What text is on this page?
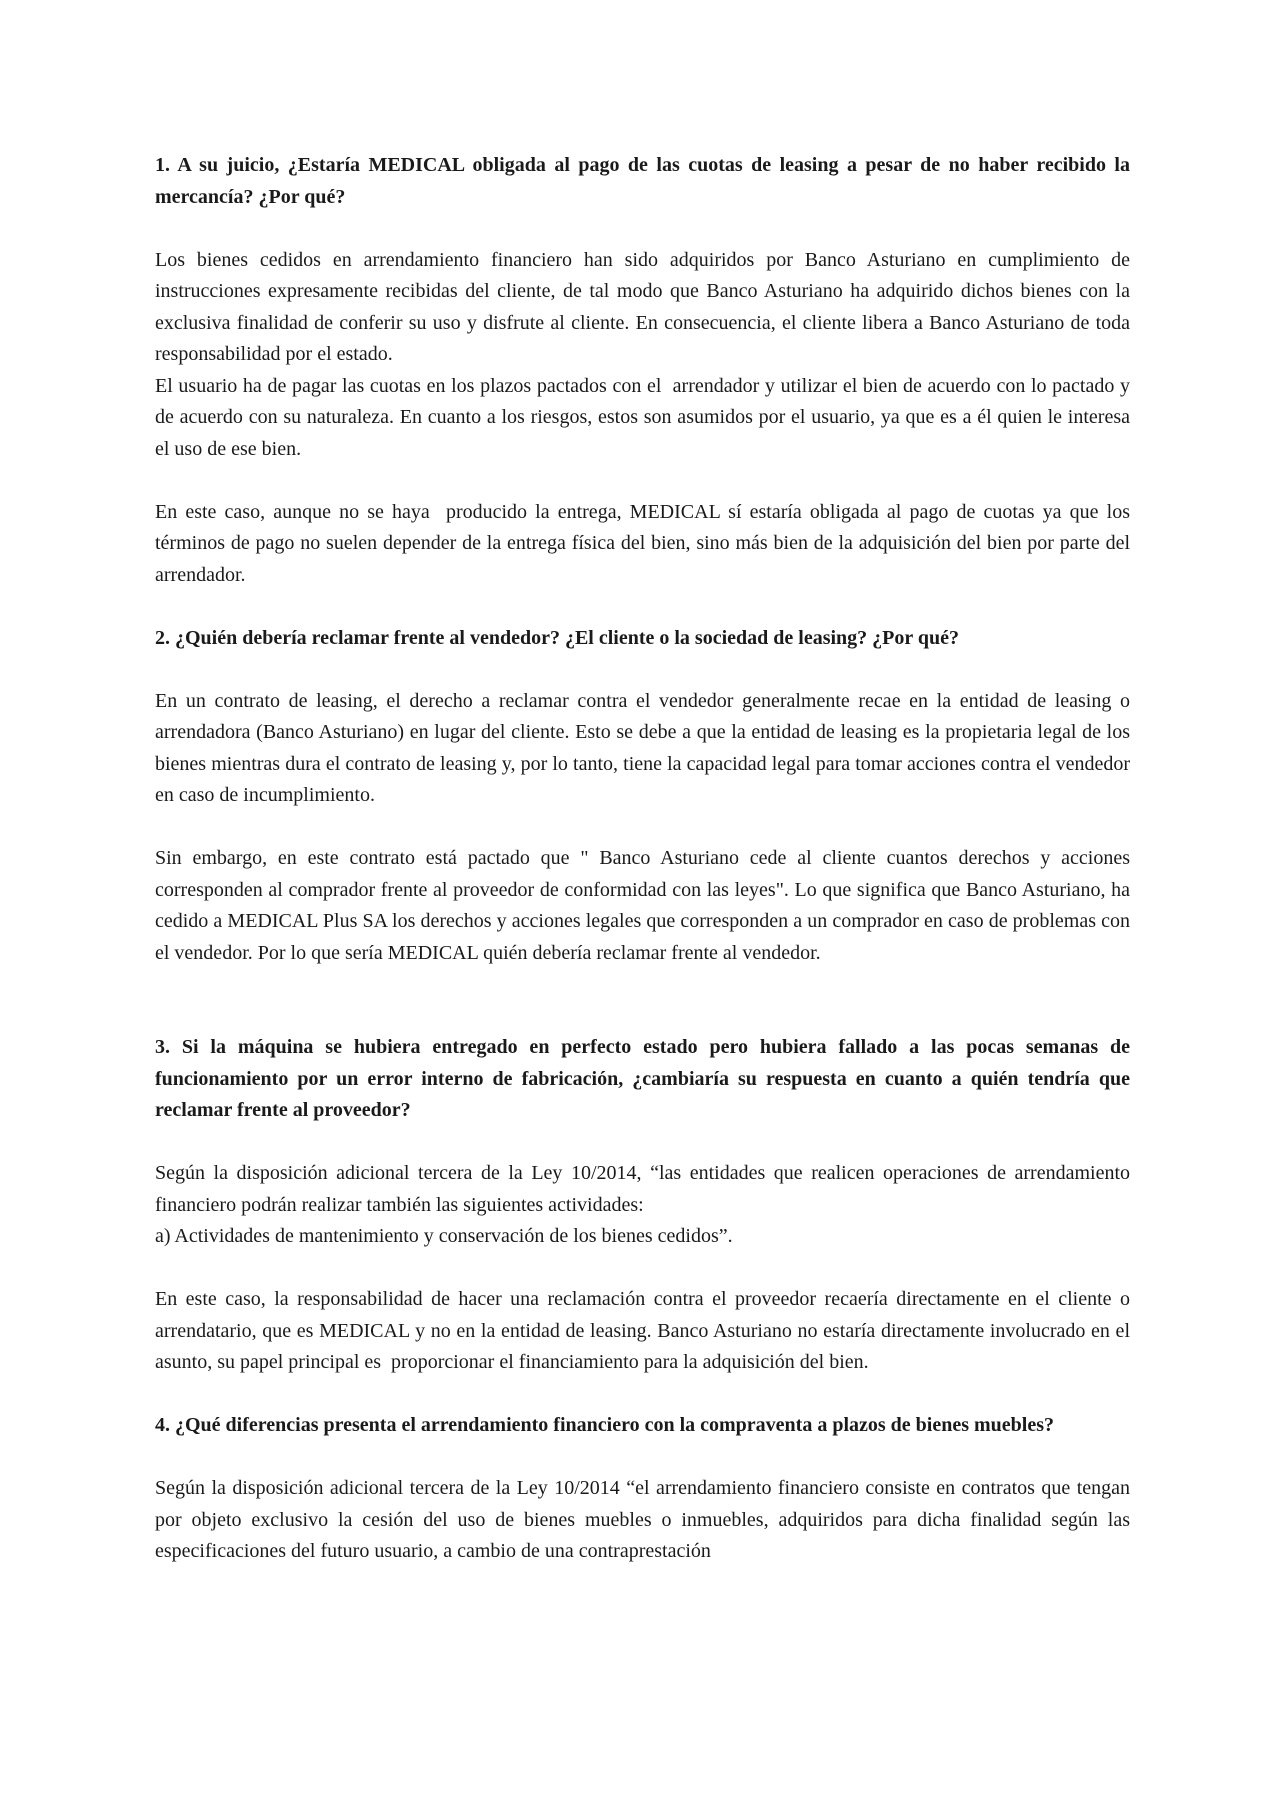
1. A su juicio, ¿Estaría MEDICAL obligada al pago de las cuotas de leasing a pesar de no haber recibido la mercancía? ¿Por qué?

Los bienes cedidos en arrendamiento financiero han sido adquiridos por Banco Asturiano en cumplimiento de instrucciones expresamente recibidas del cliente, de tal modo que Banco Asturiano ha adquirido dichos bienes con la exclusiva finalidad de conferir su uso y disfrute al cliente. En consecuencia, el cliente libera a Banco Asturiano de toda responsabilidad por el estado.

El usuario ha de pagar las cuotas en los plazos pactados con el  arrendador y utilizar el bien de acuerdo con lo pactado y de acuerdo con su naturaleza. En cuanto a los riesgos, estos son asumidos por el usuario, ya que es a él quien le interesa el uso de ese bien.

En este caso, aunque no se haya  producido la entrega, MEDICAL sí estaría obligada al pago de cuotas ya que los términos de pago no suelen depender de la entrega física del bien, sino más bien de la adquisición del bien por parte del arrendador.

2. ¿Quién debería reclamar frente al vendedor? ¿El cliente o la sociedad de leasing? ¿Por qué?

En un contrato de leasing, el derecho a reclamar contra el vendedor generalmente recae en la entidad de leasing o arrendadora (Banco Asturiano) en lugar del cliente. Esto se debe a que la entidad de leasing es la propietaria legal de los bienes mientras dura el contrato de leasing y, por lo tanto, tiene la capacidad legal para tomar acciones contra el vendedor en caso de incumplimiento.

Sin embargo, en este contrato está pactado que " Banco Asturiano cede al cliente cuantos derechos y acciones corresponden al comprador frente al proveedor de conformidad con las leyes". Lo que significa que Banco Asturiano, ha cedido a MEDICAL Plus SA los derechos y acciones legales que corresponden a un comprador en caso de problemas con el vendedor. Por lo que sería MEDICAL quién debería reclamar frente al vendedor.

3. Si la máquina se hubiera entregado en perfecto estado pero hubiera fallado a las pocas semanas de funcionamiento por un error interno de fabricación, ¿cambiaría su respuesta en cuanto a quién tendría que reclamar frente al proveedor?

Según la disposición adicional tercera de la Ley 10/2014, “las entidades que realicen operaciones de arrendamiento financiero podrán realizar también las siguientes actividades:

a) Actividades de mantenimiento y conservación de los bienes cedidos”.

En este caso, la responsabilidad de hacer una reclamación contra el proveedor recaería directamente en el cliente o arrendatario, que es MEDICAL y no en la entidad de leasing. Banco Asturiano no estaría directamente involucrado en el asunto, su papel principal es  proporcionar el financiamiento para la adquisición del bien.

4. ¿Qué diferencias presenta el arrendamiento financiero con la compraventa a plazos de bienes muebles?

Según la disposición adicional tercera de la Ley 10/2014 “el arrendamiento financiero consiste en contratos que tengan por objeto exclusivo la cesión del uso de bienes muebles o inmuebles, adquiridos para dicha finalidad según las especificaciones del futuro usuario, a cambio de una contraprestación
